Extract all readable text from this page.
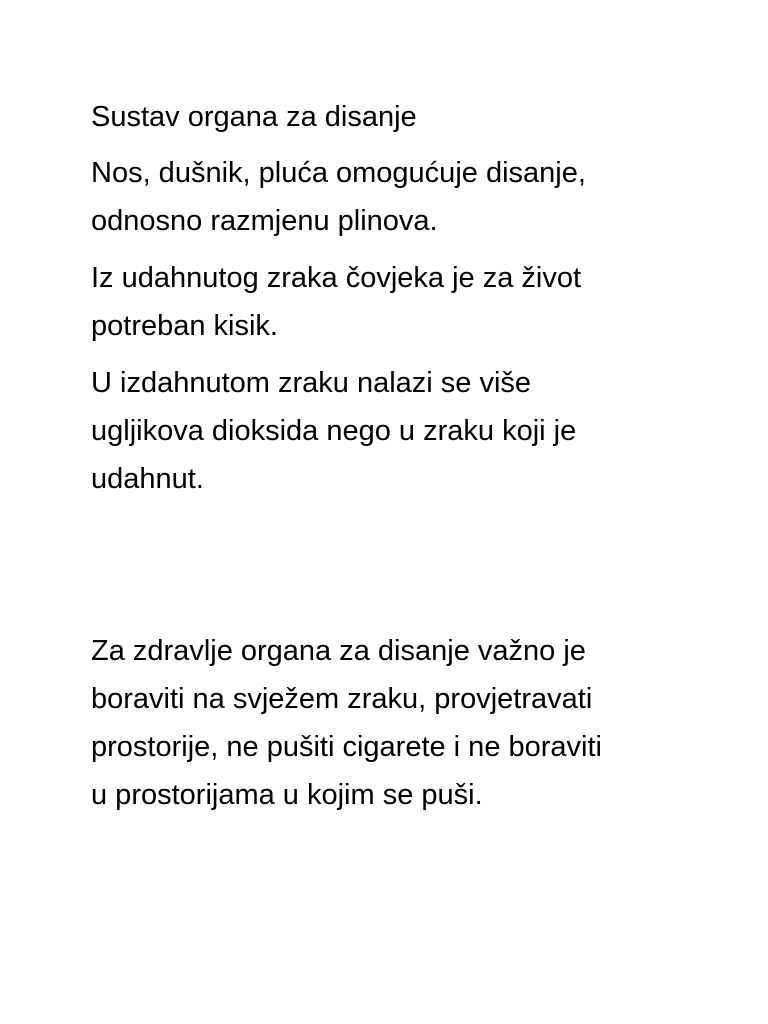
Sustav organa za disanje

Nos, dušnik, pluća omogućuje disanje,
odnosno razmjenu plinova.

Iz udahnutog zraka čovjeka je za život
potreban kisik.

U izdahnutom zraku nalazi se više
ugljikova dioksida nego u zraku koji je
udahnut.

Za zdravlje organa za disanje važno je
boraviti na svježem zraku, provjetravati
prostorije, ne pušiti cigarete i ne boraviti
u prostorijama u kojim se puši.
